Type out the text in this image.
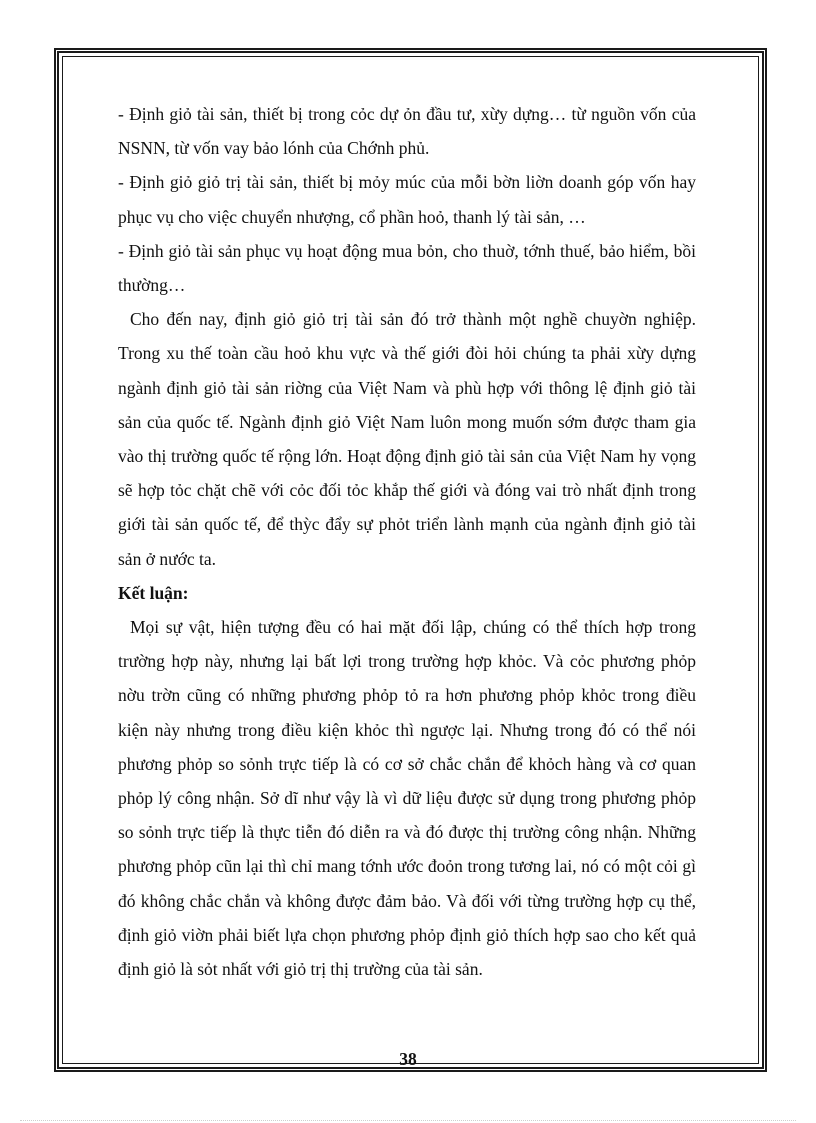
- Định giỏ tài sản, thiết bị trong cỏc dự ỏn đầu tư, xừy dựng… từ nguồn vốn của NSNN, từ vốn vay bảo lónh của Chớnh phủ.

- Định giỏ giỏ trị tài sản, thiết bị mỏy múc của mỗi bờn liờn doanh góp vốn hay phục vụ cho việc chuyển nhượng, cổ phần hoỏ, thanh lý tài sản, …

- Định giỏ tài sản phục vụ hoạt động mua bỏn, cho thuờ, tớnh thuế, bảo hiểm, bồi thường…

Cho đến nay, định giỏ giỏ trị tài sản đó trở thành một nghề chuyờn nghiệp. Trong xu thế toàn cầu hoỏ khu vực và thế giới đòi hỏi chúng ta phải xừy dựng ngành định giỏ tài sản riờng của Việt Nam và phù hợp với thông lệ định giỏ tài sản của quốc tế. Ngành định giỏ Việt Nam luôn mong muốn sớm được tham gia vào thị trường quốc tế rộng lớn. Hoạt động định giỏ tài sản của Việt Nam hy vọng sẽ hợp tỏc chặt chẽ với cỏc đối tỏc khắp thế giới và đóng vai trò nhất định trong giới tài sản quốc tế, để thỳc đẩy sự phỏt triển lành mạnh của ngành định giỏ tài sản ở nước ta.

Kết luận:

Mọi sự vật, hiện tượng đều có hai mặt đối lập, chúng có thể thích hợp trong trường hợp này, nhưng lại bất lợi trong trường hợp khỏc. Và cỏc phương phỏp nờu trờn cũng có những phương phỏp tỏ ra hơn phương phỏp khỏc trong điều kiện này nhưng trong điều kiện khỏc thì ngược lại. Nhưng trong đó có thể nói phương phỏp so sỏnh trực tiếp là có cơ sở chắc chắn để khỏch hàng và cơ quan phỏp lý công nhận. Sở dĩ như vậy là vì dữ liệu được sử dụng trong phương phỏp so sỏnh trực tiếp là thực tiễn đó diễn ra và đó được thị trường công nhận. Những phương phỏp cũn lại thì chỉ mang tớnh ước đoỏn trong tương lai, nó có một cỏi gì đó không chắc chắn và không được đảm bảo. Và đối với từng trường hợp cụ thể, định giỏ viờn phải biết lựa chọn phương phỏp định giỏ thích hợp sao cho kết quả định giỏ là sỏt nhất với giỏ trị thị trường của tài sản.

38
